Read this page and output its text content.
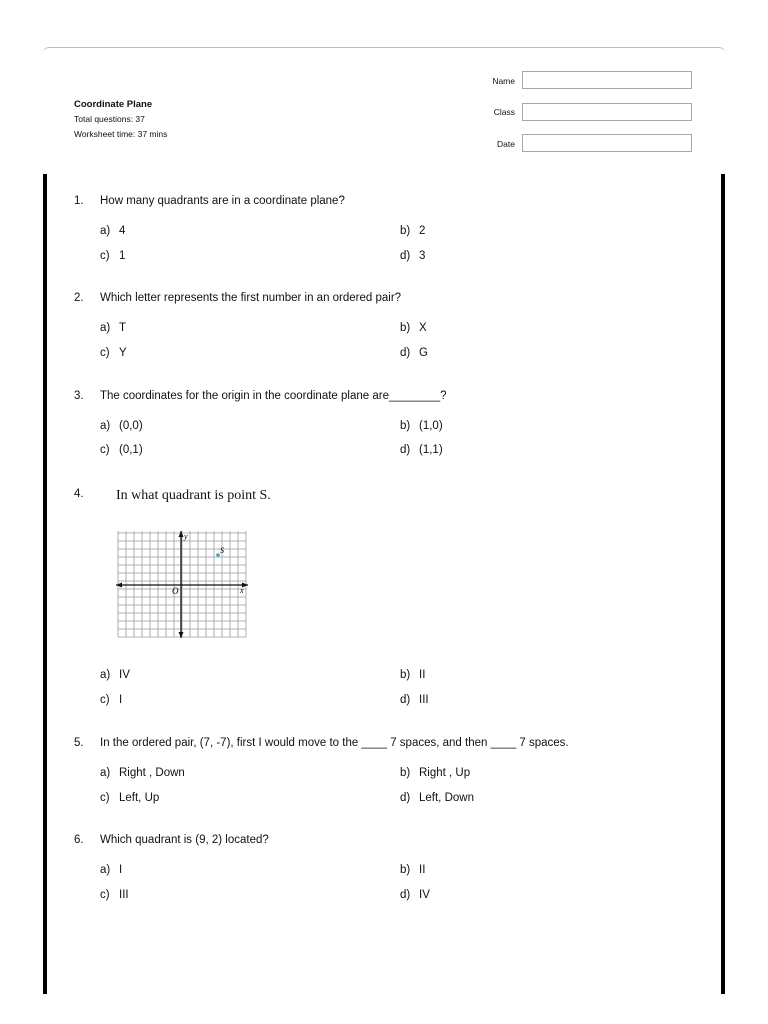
Coordinate Plane
Total questions: 37
Worksheet time: 37 mins
Name
Class
Date
1. How many quadrants are in a coordinate plane?
a) 4	b) 2
c) 1	d) 3
2. Which letter represents the first number in an ordered pair?
a) T	b) X
c) Y	d) G
3. The coordinates for the origin in the coordinate plane are________?
a) (0,0)	b) (1,0)
c) (0,1)	d) (1,1)
4. In what quadrant is point S.
y
x
O
S
a) IV	b) II
c) I	d) III
5. In the ordered pair, (7, -7), first I would move to the ____ 7 spaces, and then ____ 7 spaces.
a) Right , Down	b) Right , Up
c) Left, Up	d) Left, Down
6. Which quadrant is (9, 2) located?
a) I	b) II
c) III	d) IV
